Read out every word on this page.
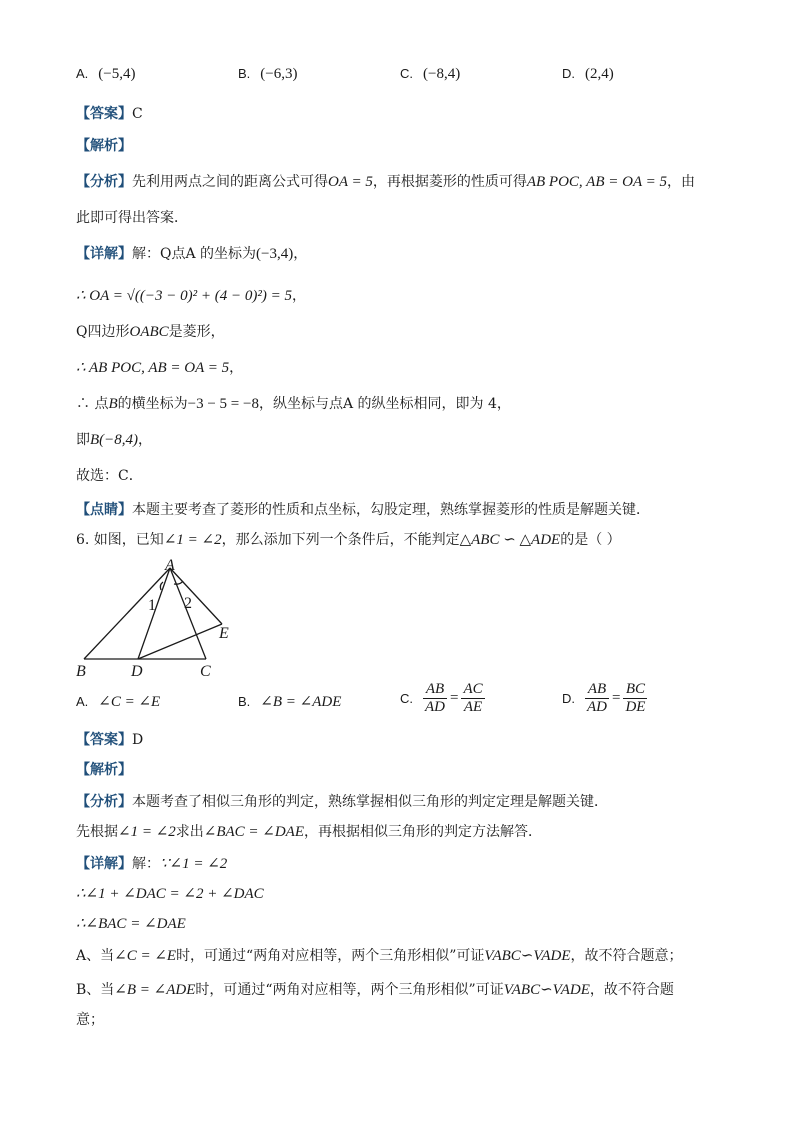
A. (−5,4)	B. (−6,3)	C. (−8,4)	D. (2,4)
【答案】C
【解析】
【分析】先利用两点之间的距离公式可得OA = 5，再根据菱形的性质可得AB POC, AB = OA = 5，由
此即可得出答案．
【详解】解：Q点A 的坐标为(−3,4)，
∴ OA = √((−3 − 0)² + (4 − 0)²) = 5，
Q四边形OABC是菱形，
∴ AB POC, AB = OA = 5，
∴ 点B的横坐标为−3 − 5 = −8，纵坐标与点A 的纵坐标相同，即为 4，
即B(−8,4)，
故选：C．
【点睛】本题主要考查了菱形的性质和点坐标，勾股定理，熟练掌握菱形的性质是解题关键．
6. 如图，已知∠1 = ∠2，那么添加下列一个条件后，不能判定△ABC ∽ △ADE的是（ ）
A
B	C
D
E
1 2
A. ∠C = ∠E	B. ∠B = ∠ADE	C. $\frac{AB}{AD} = \frac{AC}{AE}$	D. $\frac{AB}{AD} = \frac{BC}{DE}$
【答案】D
【解析】
【分析】本题考查了相似三角形的判定，熟练掌握相似三角形的判定定理是解题关键．
先根据∠1 = ∠2求出∠BAC = ∠DAE，再根据相似三角形的判定方法解答．
【详解】解：∵∠1 = ∠2
∴∠1 + ∠DAC = ∠2 + ∠DAC
∴∠BAC = ∠DAE
A、当∠C = ∠E时，可通过“两角对应相等，两个三角形相似”可证VABC∽VADE，故不符合题意；
B、当∠B = ∠ADE时，可通过“两角对应相等，两个三角形相似”可证VABC∽VADE，故不符合题
意；
